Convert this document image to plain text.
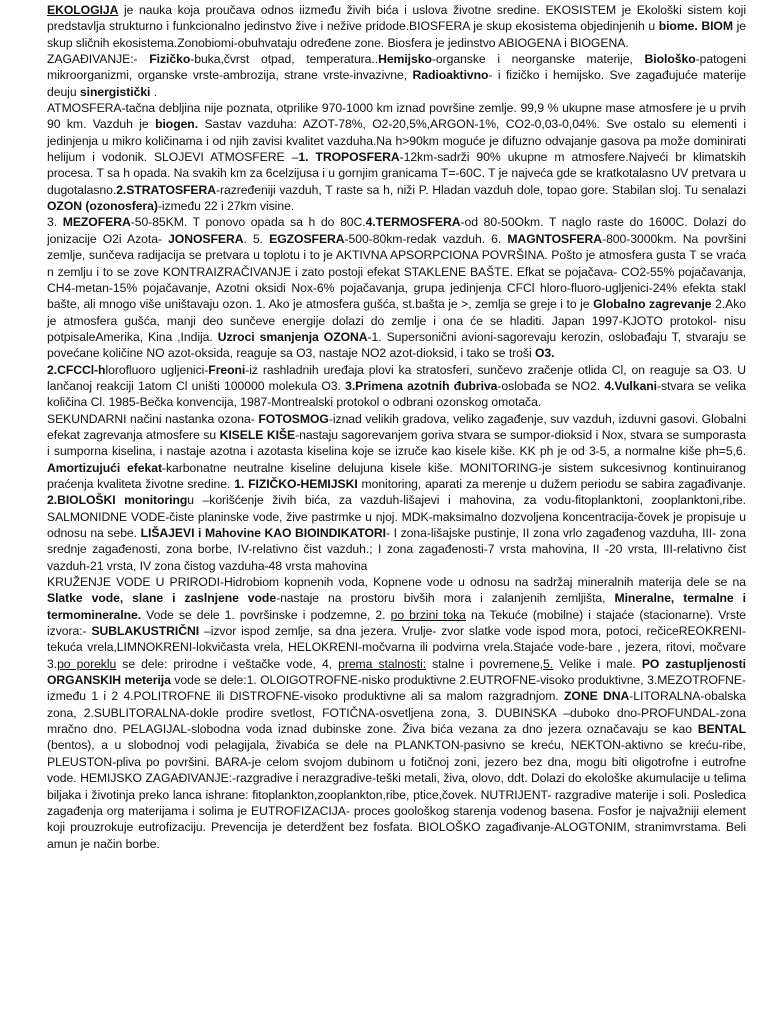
EKOLOGIJA je nauka koja proučava odnos iizmeđu živih bića i uslova životne sredine. EKOSISTEM je Ekološki sistem koji predstavlja strukturno i funkcionalno jedinstvo žive i nežive pridode.BIOSFERA je skup ekosistema objedinjenih u biome. BIOM je skup sličnih ekosistema.Zonobiomi-obuhvataju određene zone. Biosfera je jedinstvo ABIOGENA i BIOGENA.

ZAGAĐIVANJE:- Fizičko-buka,čvrst otpad, temperatura..Hemijsko-organske i neorganske materije, Biološko-patogeni mikroorganizmi, organske vrste-ambrozija, strane vrste-invazivne, Radioaktivno- i fizičko i hemijsko. Sve zagađujuće materije deuju sinergistički .

ATMOSFERA-tačna debljina nije poznata, otprilike 970-1000 km iznad površine zemlje. 99,9 % ukupne mase atmosfere je u prvih 90 km. Vazduh je biogen. Sastav vazduha: AZOT-78%, O2-20,5%,ARGON-1%, CO2-0,03-0,04%. Sve ostalo su elementi i jedinjenja u mikro količinama i od njih zavisi kvalitet vazduha.Na h>90km moguće je difuzno odvajanje gasova pa može dominirati helijum i vodonik. SLOJEVI ATMOSFERE –1. TROPOSFERA-12km-sadrži 90% ukupne m atmosfere.Najveći br klimatskih procesa. T sa h opada. Na svakih km za 6celzijusa i u gornjim granicama T=-60C. T je najveća gde se kratkotalasno UV pretvara u dugotalasno.2.STRATOSFERA-razređeniji vazduh, T raste sa h, niži P. Hladan vazduh dole, topao gore. Stabilan sloj. Tu senalazi OZON (ozonosfera)-između 22 i 27km visine.

3. MEZOFERA-50-85KM. T ponovo opada sa h do 80C.4.TERMOSFERA-od 80-50Okm. T naglo raste do 1600C. Dolazi do jonizacije O2i Azota- JONOSFERA. 5. EGZOSFERA-500-80km-redak vazduh. 6. MAGNTOSFERA-800-3000km. Na površini zemlje, sunčeva radijacija se pretvara u toplotu i to je AKTIVNA APSORPCIONA POVRŠINA. Pošto je atmosfera gusta T se vraća n zemlju i to se zove KONTRAIZRAČIVANJE i zato postoji efekat STAKLENE BAŠTE. Efkat se pojačava- CO2-55% pojačavanja, CH4-metan-15% pojačavanje, Azotni oksidi Nox-6% pojačavanja, grupa jedinjenja CFCl hloro-fluoro-ugljenici-24% efekta stakl bašte, ali mnogo više uništavaju ozon. 1. Ako je atmosfera gušća, st.bašta je >, zemlja se greje i to je Globalno zagrevanje 2.Ako je atmosfera gušća, manji deo sunčeve energije dolazi do zemlje i ona će se hladiti. Japan 1997-KJOTO protokol- nisu potpisaleAmerika, Kina ,Indija. Uzroci smanjenja OZONA-1. Supersonični avioni-sagorevaju kerozin, oslobađaju T, stvaraju se povećane količine NO azot-oksida, reaguje sa O3, nastaje NO2 azot-dioksid, i tako se troši O3.

2.CFCCl-hlorofluoro ugljenici-Freoni-iz rashladnih uređaja plovi ka stratosferi, sunčevo zračenje otlida Cl, on reaguje sa O3. U lančanoj reakciji 1atom Cl uništi 100000 molekula O3. 3.Primena azotnih đubriva-oslobađa se NO2. 4.Vulkani-stvara se velika količina Cl. 1985-Bečka konvencija, 1987-Montrealski protokol o odbrani ozonskog omotača.

SEKUNDARNI načini nastanka ozona- FOTOSMOG-iznad velikih gradova, veliko zagađenje, suv vazduh, izduvni gasovi. Globalni efekat zagrevanja atmosfere su KISELE KIŠE-nastaju sagorevanjem goriva stvara se sumpor-dioksid i Nox, stvara se sumporasta i sumporna kiselina, i nastaje azotna i azotasta kiselina koje se izruče kao kisele kiše. KK ph je od 3-5, a normalne kiše ph=5,6. Amortizujući efekat-karbonatne neutralne kiseline delujuna kisele kiše. MONITORING-je sistem sukcesivnog kontinuiranog praćenja kvaliteta životne sredine. 1. FIZIČKO-HEMIJSKI monitoring, aparati za merenje u dužem periodu se sabira zagađivanje. 2.BIOLOŠKI monitoringu –korišćenje živih bića, za vazduh-lišajevi i mahovina, za vodu-fitoplanktoni, zooplanktoni,ribe. SALMONIDNE VODE-čiste planinske vode, žive pastrmke u njoj. MDK-maksimalno dozvoljena koncentracija-čovek je propisuje u odnosu na sebe. LIŠAJEVI i Mahovine KAO BIOINDIKATORI- I zona-lišajske pustinje, II zona vrlo zagađenog vazduha, III- zona srednje zagađenosti, zona borbe, IV-relativno čist vazduh.; I zona zagađenosti-7 vrsta mahovina, II -20 vrsta, III-relativno čist vazduh-21 vrsta, IV zona čistog vazduha-48 vrsta mahovina

KRUŽENJE VODE U PRIRODI-Hidrobiom kopnenih voda, Kopnene vode u odnosu na sadržaj mineralnih materija dele se na Slatke vode, slane i zaslnjene vode-nastaje na prostoru bivših mora i zalanjenih zemljišta, Mineralne, termalne i termomineralne. Vode se dele 1. površinske i podzemne, 2. po brzini toka na Tekuće (mobilne) i stajaće (stacionarne). Vrste izvora:- SUBLAKUSTRIČNI –izvor ispod zemlje, sa dna jezera. Vrulje- zvor slatke vode ispod mora, potoci, rečiceREOKRENI-tekuća vrela,LIMNOKRENI-lokvičasta vrela, HELOKRENI-močvarna ili podvirna vrela.Stajaće vode-bare , jezera, ritovi, močvare 3.po poreklu se dele: prirodne i veštačke vode, 4, prema stalnosti: stalne i povremene,5. Velike i male. PO zastupljenosti ORGANSKIH meterija vode se dele:1. OLOIGOTROFNE-nisko produktivne 2.EUTROFNE-visoko produktivne, 3.MEZOTROFNE-između 1 i 2 4.POLITROFNE ili DISTROFNE-visoko produktivne ali sa malom razgradnjom. ZONE DNA-LITORALNA-obalska zona, 2.SUBLITORALNA-dokle prodire svetlost, FOTIČNA-osvetljena zona, 3. DUBINSKA –duboko dno-PROFUNDAL-zona mračno dno. PELAGIJAL-slobodna voda iznad dubinske zone. Živa bića vezana za dno jezera označavaju se kao BENTAL (bentos), a u slobodnoj vodi pelagijala, živabića se dele na PLANKTON-pasivno se kreću, NEKTON-aktivno se kreću-ribe, PLEUSTON-pliva po površini. BARA-je celom svojom dubinom u fotičnoj zoni, jezero bez dna, mogu biti oligotrofne i eutrofne vode. HEMIJSKO ZAGAĐIVANJE:-razgradive i nerazgradive-teški metali, živa, olovo, ddt. Dolazi do ekološke akumulacije u telima biljaka i životinja preko lanca ishrane: fitoplankton,zooplankton,ribe, ptice,čovek. NUTRIJENT- razgradive materije i soli. Posledica zagađenja org materijama i solima je EUTROFIZACIJA- proces goološkog starenja vodenog basena. Fosfor je najvažniji element koji prouzrokuje eutrofizaciju. Prevencija je deterdžent bez fosfata. BIOLOŠKO zagađivanje-ALOGTONIM, stranimvrstama. Beli amun je način borbe.
